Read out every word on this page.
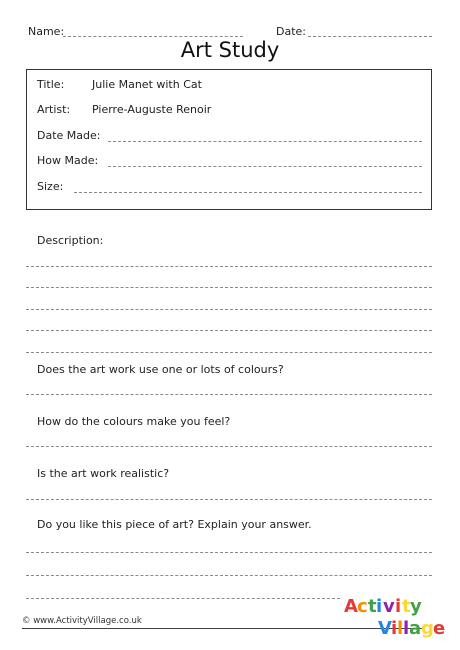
Name:	Date:
Art Study
Title:	Julie Manet with Cat
Artist: Pierre-Auguste Renoir
Date Made:
How Made:
Size:
Description:
Does the art work use one or lots of colours?
How do the colours make you feel?
Is the art work realistic?
Do you like this piece of art? Explain your answer.
© www.ActivityVillage.co.uk
A c t i v i t y
V i l l a g e
